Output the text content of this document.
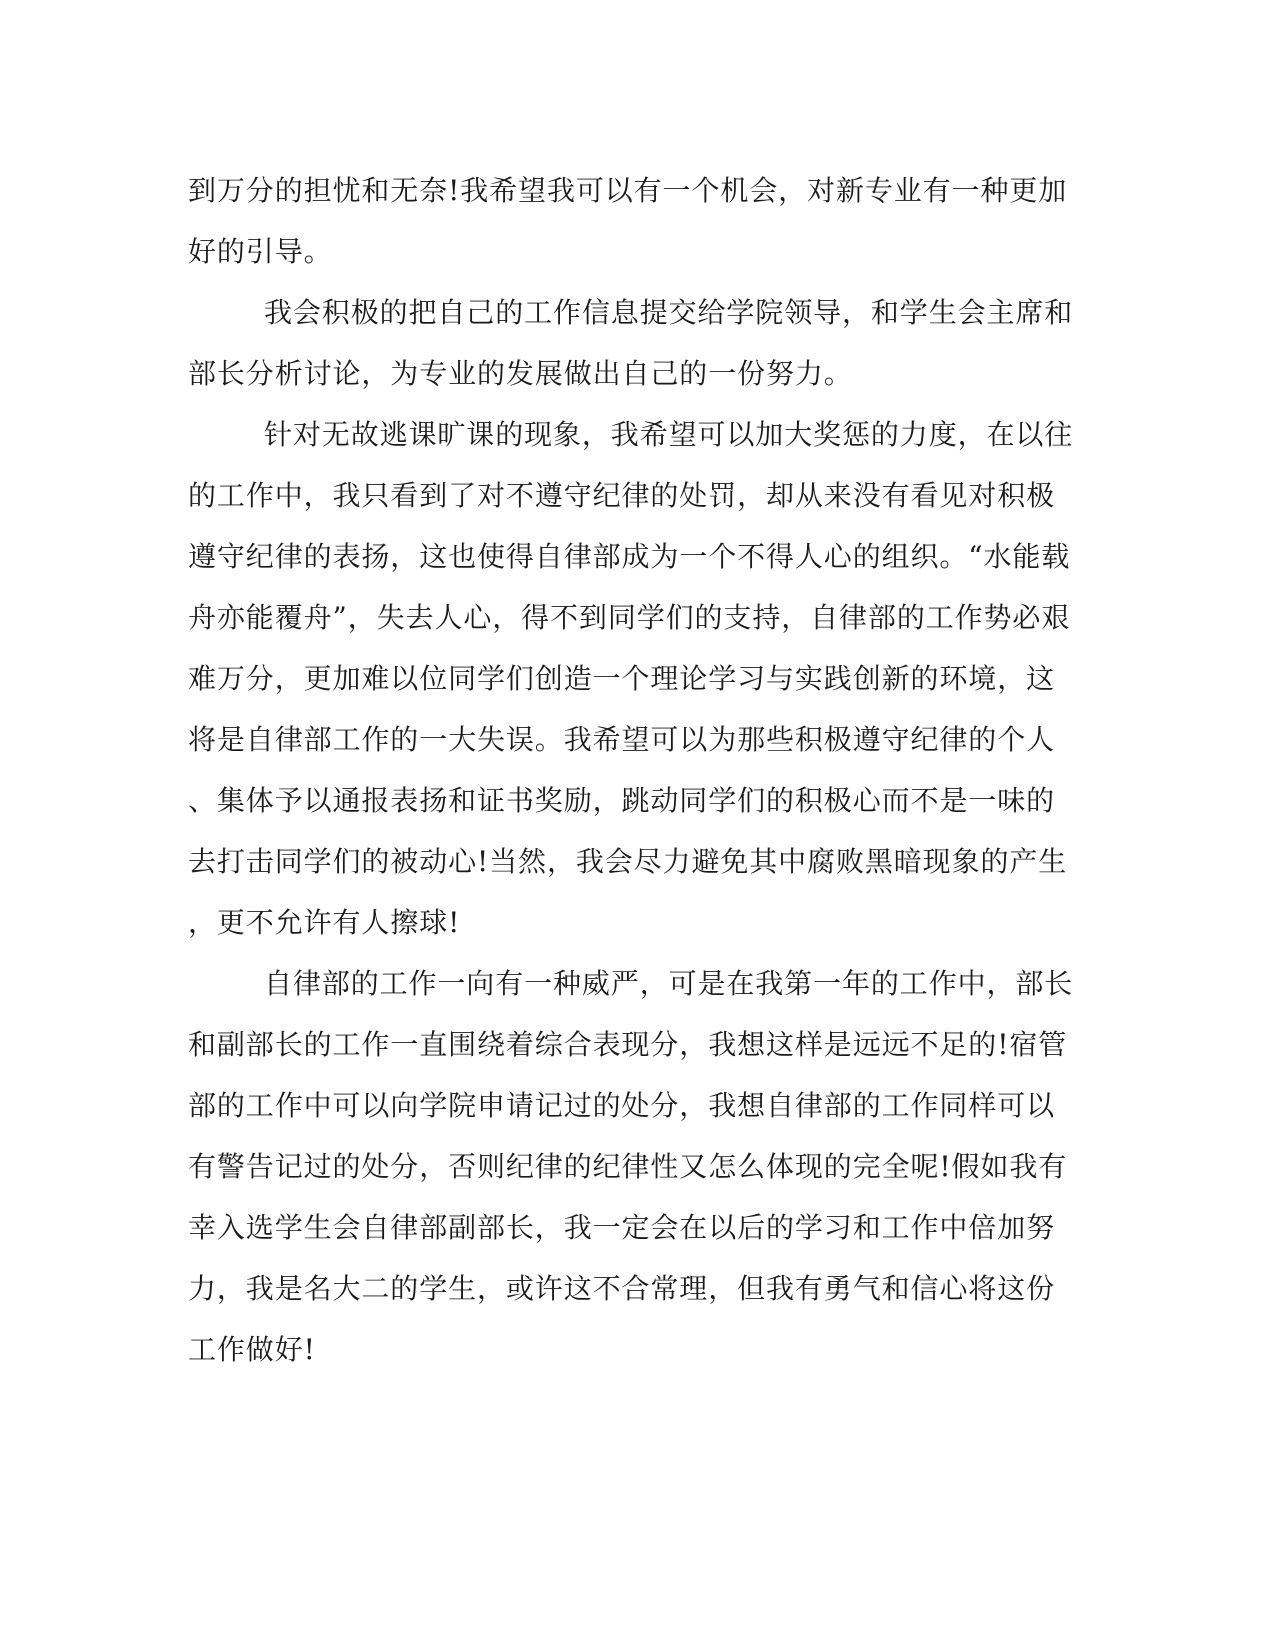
到万分的担忧和无奈!我希望我可以有一个机会，对新专业有一种更加
好的引导。
我会积极的把自己的工作信息提交给学院领导，和学生会主席和
部长分析讨论，为专业的发展做出自己的一份努力。
针对无故逃课旷课的现象，我希望可以加大奖惩的力度，在以往
的工作中，我只看到了对不遵守纪律的处罚，却从来没有看见对积极
遵守纪律的表扬，这也使得自律部成为一个不得人心的组织。“水能载
舟亦能覆舟”，失去人心，得不到同学们的支持，自律部的工作势必艰
难万分，更加难以位同学们创造一个理论学习与实践创新的环境，这
将是自律部工作的一大失误。我希望可以为那些积极遵守纪律的个人
、集体予以通报表扬和证书奖励，跳动同学们的积极心而不是一味的
去打击同学们的被动心!当然，我会尽力避免其中腐败黑暗现象的产生
，更不允许有人擦球!
自律部的工作一向有一种威严，可是在我第一年的工作中，部长
和副部长的工作一直围绕着综合表现分，我想这样是远远不足的!宿管
部的工作中可以向学院申请记过的处分，我想自律部的工作同样可以
有警告记过的处分，否则纪律的纪律性又怎么体现的完全呢!假如我有
幸入选学生会自律部副部长，我一定会在以后的学习和工作中倍加努
力，我是名大二的学生，或许这不合常理，但我有勇气和信心将这份
工作做好!
